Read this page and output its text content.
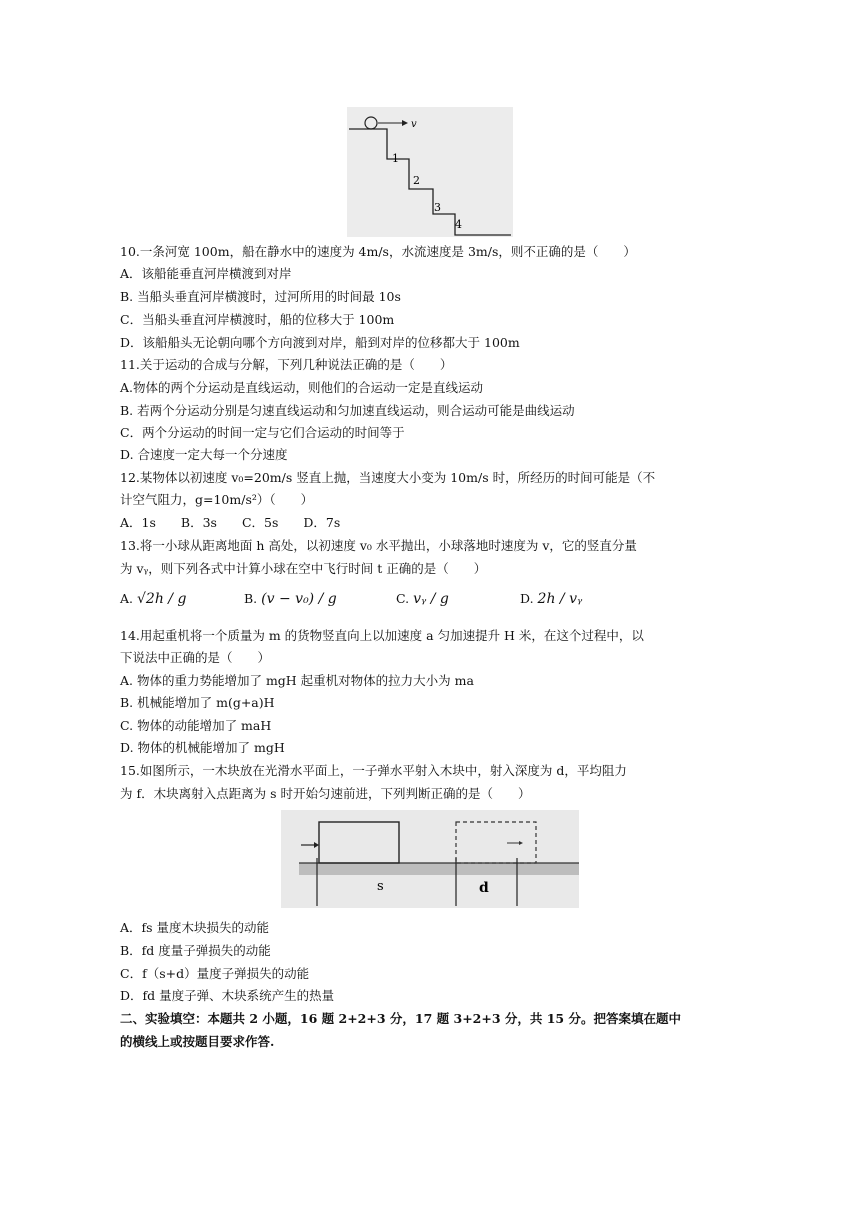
v
1
2
3
4
10.一条河宽 100m，船在静水中的速度为 4m/s，水流速度是 3m/s，则不正确的是（　　）
A．该船能垂直河岸横渡到对岸
B. 当船头垂直河岸横渡时，过河所用的时间最 10s
C．当船头垂直河岸横渡时，船的位移大于 100m
D．该船船头无论朝向哪个方向渡到对岸，船到对岸的位移都大于 100m
11.关于运动的合成与分解，下列几种说法正确的是（　　）
A.物体的两个分运动是直线运动，则他们的合运动一定是直线运动
B. 若两个分运动分别是匀速直线运动和匀加速直线运动，则合运动可能是曲线运动
C．两个分运动的时间一定与它们合运动的时间等于
D. 合速度一定大每一个分速度
12.某物体以初速度 v₀=20m/s 竖直上抛，当速度大小变为 10m/s 时，所经历的时间可能是（不
计空气阻力，g=10m/s²）（　　）
A．1s　　B．3s　　C．5s　　D．7s
13.将一小球从距离地面 h 高处，以初速度 v₀ 水平抛出，小球落地时速度为 v，它的竖直分量
为 vᵧ，则下列各式中计算小球在空中飞行时间 t 正确的是（　　）
A. √2h / g	B. (v − v₀) / g	C. vᵧ / g	D. 2h / vᵧ
14.用起重机将一个质量为 m 的货物竖直向上以加速度 a 匀加速提升 H 米，在这个过程中，以
下说法中正确的是（　　）
A. 物体的重力势能增加了 mgH 起重机对物体的拉力大小为 ma
B. 机械能增加了 m(g+a)H
C. 物体的动能增加了 maH
D. 物体的机械能增加了 mgH
15.如图所示，一木块放在光滑水平面上，一子弹水平射入木块中，射入深度为 d，平均阻力
为 f．木块离射入点距离为 s 时开始匀速前进，下列判断正确的是（　　）
s	d
A．fs 量度木块损失的动能
B．fd 度量子弹损失的动能
C．f（s+d）量度子弹损失的动能
D．fd 量度子弹、木块系统产生的热量
二、实验填空：本题共 2 小题，16 题 2+2+3 分，17 题 3+2+3 分，共 15 分。把答案填在题中
的横线上或按题目要求作答.
